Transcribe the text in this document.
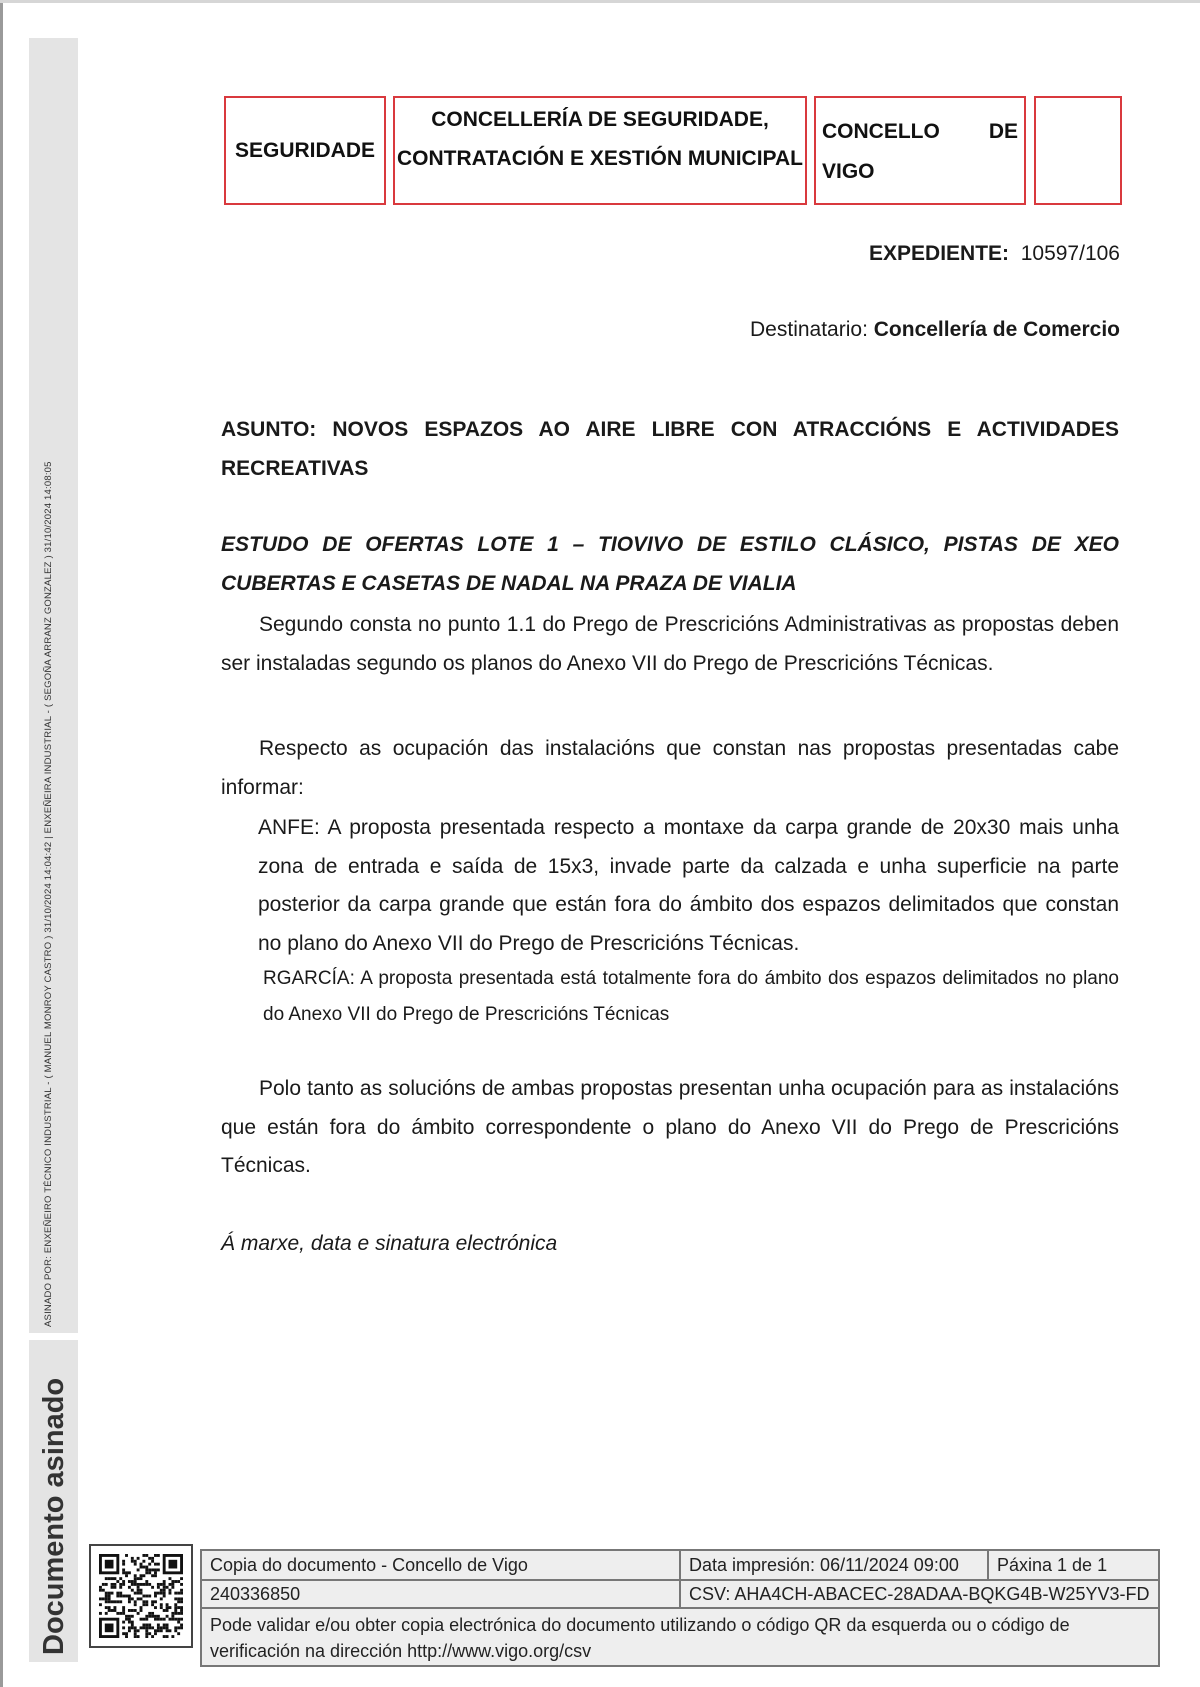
ASINADO POR: ENXEÑEIRO TÉCNICO INDUSTRIAL - ( MANUEL MONROY CASTRO ) 31/10/2024 14:04:42 | ENXEÑEIRA INDUSTRIAL - ( SEGOÑA ARRANZ GONZALEZ ) 31/10/2024 14:08:05
Documento asinado
SEGURIDADE
CONCELLERÍA DE SEGURIDADE, CONTRATACIÓN E XESTIÓN MUNICIPAL
CONCELLO DE
VIGO
EXPEDIENTE: 10597/106
Destinatario: Concellería de Comercio
ASUNTO: NOVOS ESPAZOS AO AIRE LIBRE CON ATRACCIÓNS E ACTIVIDADES RECREATIVAS
ESTUDO DE OFERTAS LOTE 1 – TIOVIVO DE ESTILO CLÁSICO, PISTAS DE XEO CUBERTAS E CASETAS DE NADAL NA PRAZA DE VIALIA
Segundo consta no punto 1.1 do Prego de Prescricións Administrativas as propostas deben ser instaladas segundo os planos do Anexo VII do Prego de Prescricións Técnicas.
Respecto as ocupación das instalacións que constan nas propostas presentadas cabe informar:
ANFE: A proposta presentada respecto a montaxe da carpa grande de 20x30 mais unha zona de entrada e saída de 15x3, invade parte da calzada e unha superficie na parte posterior da carpa grande que están fora do ámbito dos espazos delimitados que constan no plano do Anexo VII do Prego de Prescricións Técnicas.
RGARCÍA: A proposta presentada está totalmente fora do ámbito dos espazos delimitados no plano do Anexo VII do Prego de Prescricións Técnicas
Polo tanto as solucións de ambas propostas presentan unha ocupación para as instalacións que están fora do ámbito correspondente o plano do Anexo VII do Prego de Prescricións Técnicas.
Á marxe, data e sinatura electrónica
Copia do documento - Concello de Vigo	Data impresión: 06/11/2024 09:00	Páxina 1 de 1
240336850	CSV: AHA4CH-ABACEC-28ADAA-BQKG4B-W25YV3-FD
Pode validar e/ou obter copia electrónica do documento utilizando o código QR da esquerda ou o código de verificación na dirección http://www.vigo.org/csv
